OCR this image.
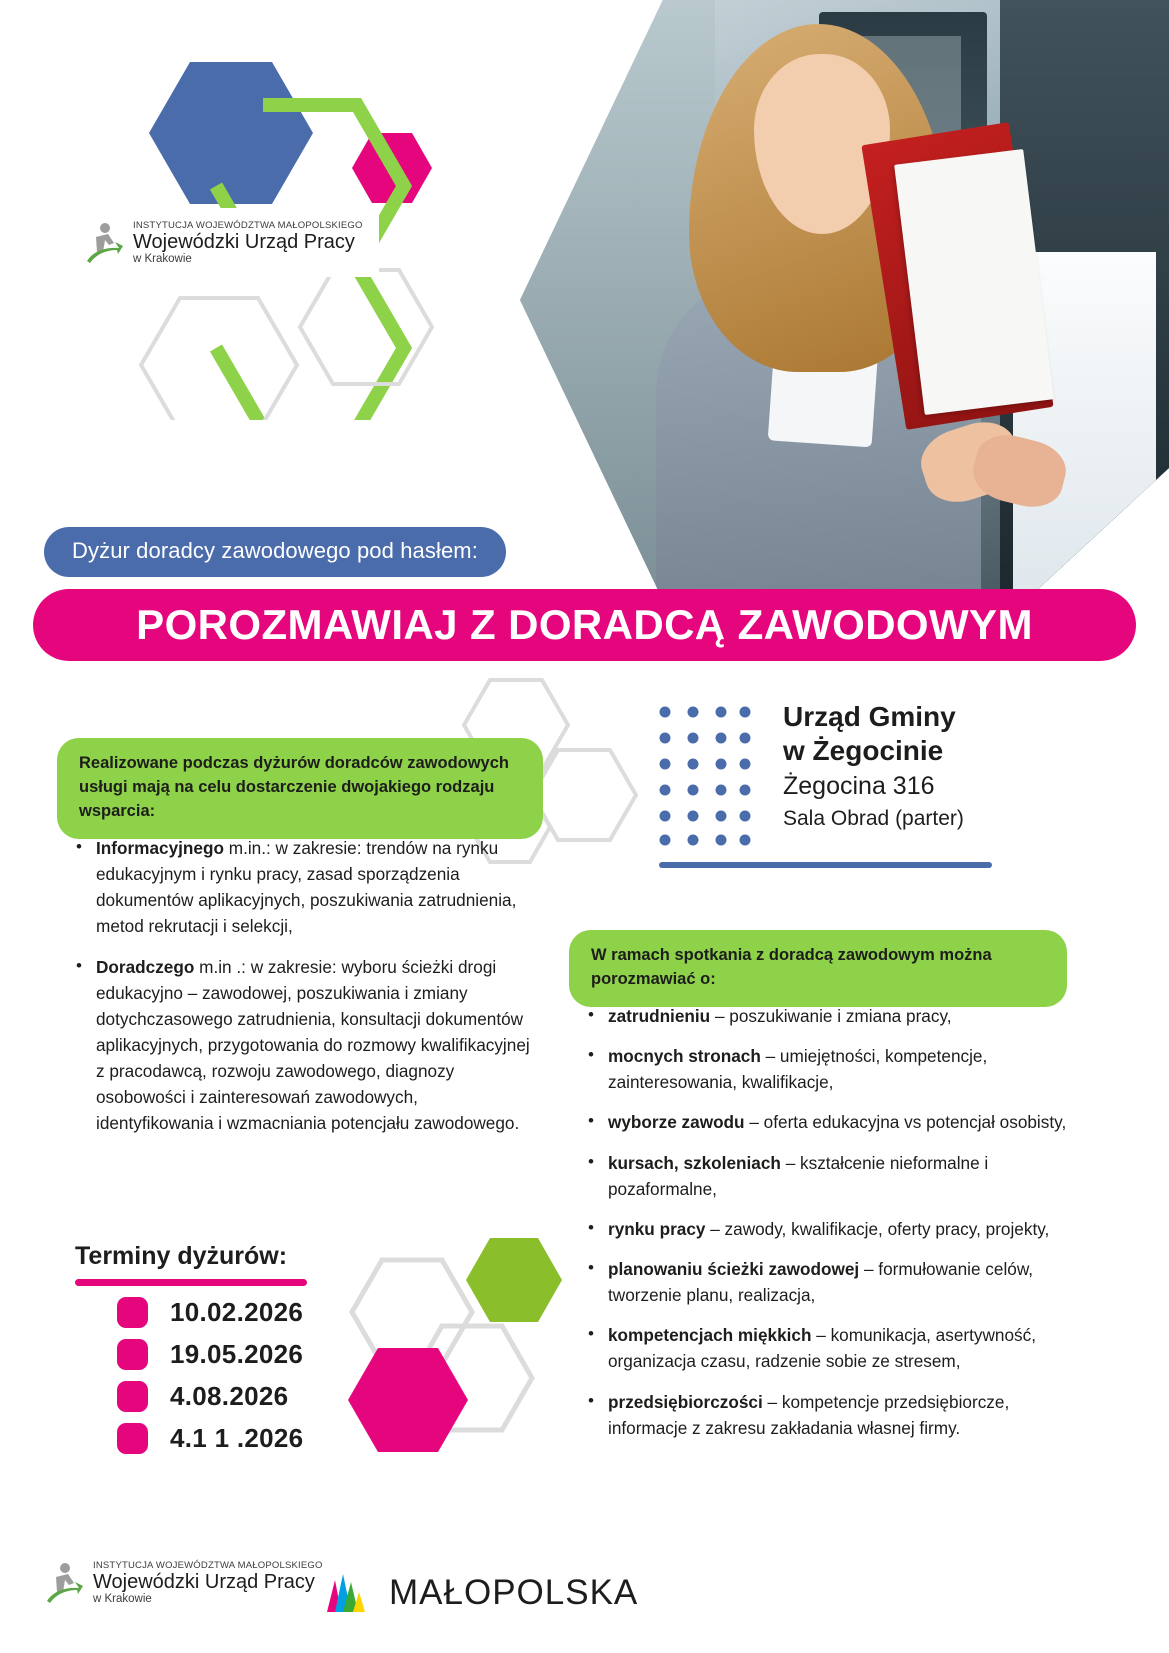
INSTYTUCJA WOJEWÓDZTWA MAŁOPOLSKIEGO
Wojewódzki Urząd Pracy
w Krakowie
Dyżur doradcy zawodowego pod hasłem:
POROZMAWIAJ Z DORADCĄ ZAWODOWYM
Realizowane podczas dyżurów doradców zawodowych usługi mają na celu dostarczenie dwojakiego rodzaju wsparcia:
• Informacyjnego m.in.: w zakresie: trendów na rynku edukacyjnym i rynku pracy, zasad sporządzenia dokumentów aplikacyjnych, poszukiwania zatrudnienia, metod rekrutacji i selekcji,
• Doradczego m.in .: w zakresie: wyboru ścieżki drogi edukacyjno – zawodowej, poszukiwania i zmiany dotychczasowego zatrudnienia, konsultacji dokumentów aplikacyjnych, przygotowania do rozmowy kwalifikacyjnej z pracodawcą, rozwoju zawodowego, diagnozy osobowości i zainteresowań zawodowych, identyfikowania i wzmacniania potencjału zawodowego.
Terminy dyżurów:
10.02.2026
19.05.2026
4.08.2026
4.1 1 .2026
Urząd Gminy
w Żegocinie
Żegocina 316
Sala Obrad (parter)
W ramach spotkania z doradcą zawodowym można porozmawiać o:
• zatrudnieniu – poszukiwanie i zmiana pracy,
• mocnych stronach – umiejętności, kompetencje, zainteresowania, kwalifikacje,
• wyborze zawodu – oferta edukacyjna vs potencjał osobisty,
• kursach, szkoleniach – kształcenie nieformalne i pozaformalne,
• rynku pracy – zawody, kwalifikacje, oferty pracy, projekty,
• planowaniu ścieżki zawodowej – formułowanie celów, tworzenie planu, realizacja,
• kompetencjach miękkich – komunikacja, asertywność, organizacja czasu, radzenie sobie ze stresem,
• przedsiębiorczości – kompetencje przedsiębiorcze, informacje z zakresu zakładania własnej firmy.
INSTYTUCJA WOJEWÓDZTWA MAŁOPOLSKIEGO
Wojewódzki Urząd Pracy
w Krakowie	MAŁOPOLSKA
